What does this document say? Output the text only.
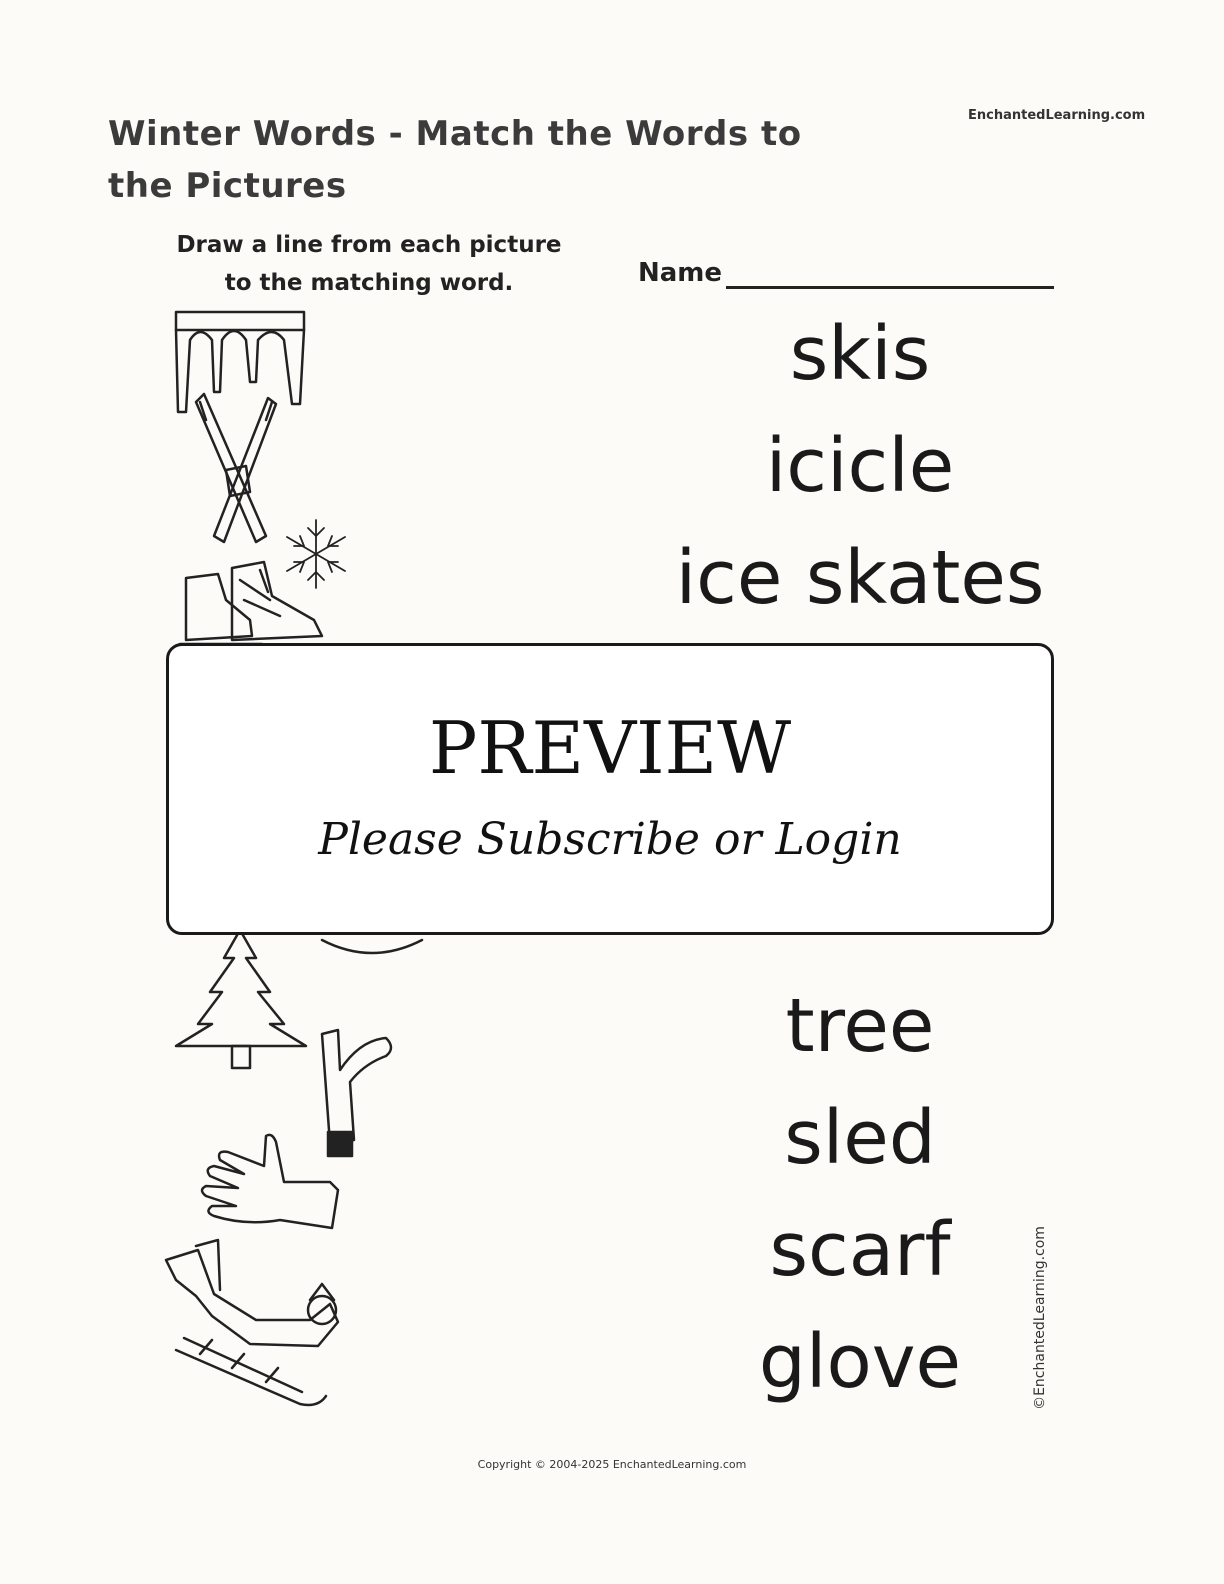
EnchantedLearning.com
Winter Words - Match the Words to the Pictures
Draw a line from each picture to the matching word.	Name
skis
icicle
ice skates
tree
sled
scarf
glove
PREVIEW
Please Subscribe or Login
©EnchantedLearning.com
Copyright © 2004-2025 EnchantedLearning.com
